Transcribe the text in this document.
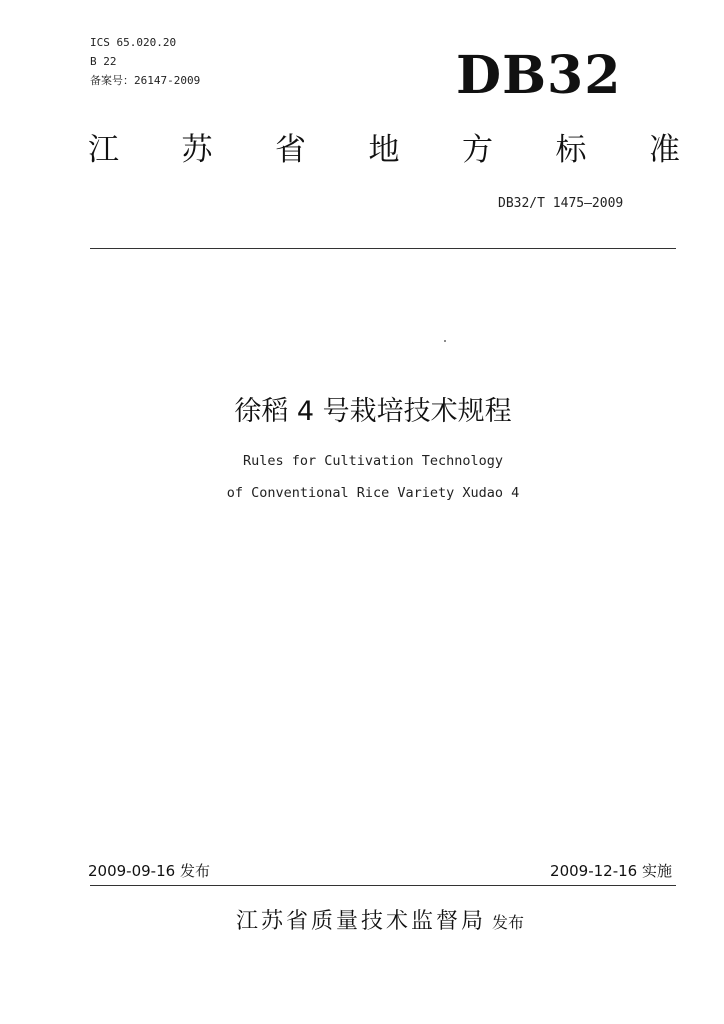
ICS 65.020.20
B 22
备案号：26147-2009	DB32
江 苏 省 地 方 标 准
DB32/T 1475—2009
徐稻 4 号栽培技术规程
Rules for Cultivation Technology
of Conventional Rice Variety Xudao 4
2009-09-16 发布	2009-12-16 实施
江苏省质量技术监督局 发布
